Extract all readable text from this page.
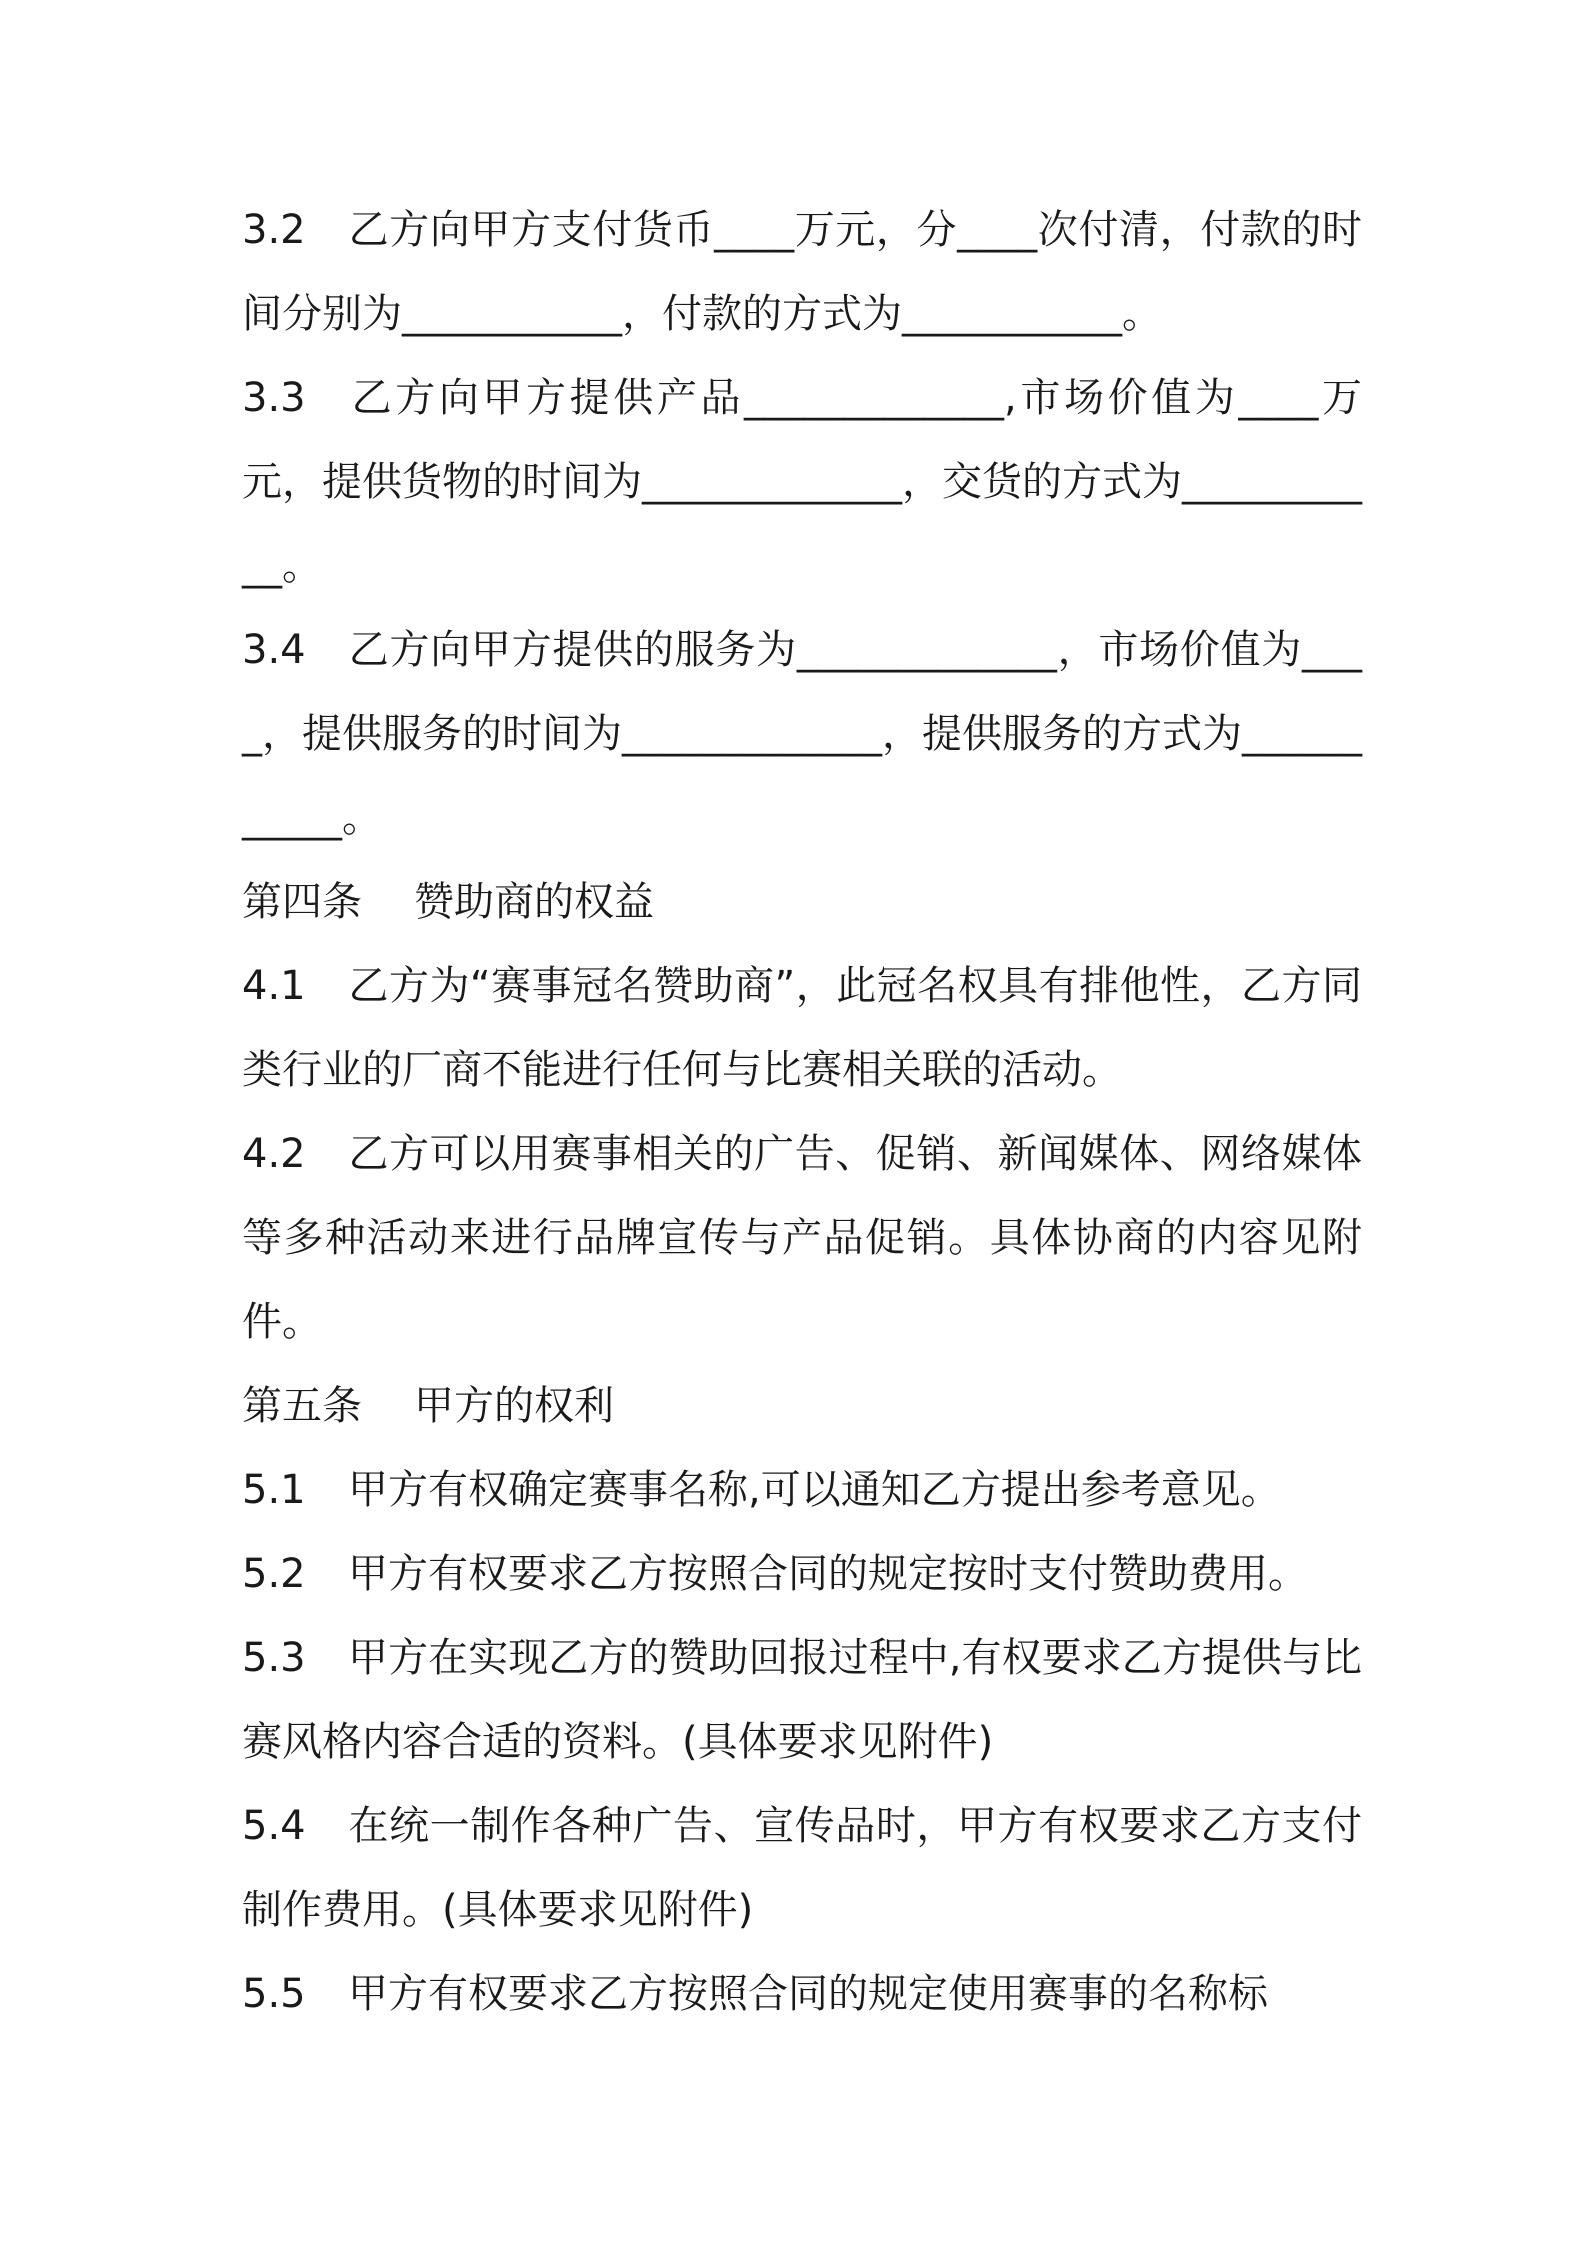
3.2 乙方向甲方支付货币____万元，分____次付清，付款的时间分别为___________，付款的方式为___________。

3.3 乙方向甲方提供产品_____________,市场价值为____万元，提供货物的时间为_____________，交货的方式为___________。

3.4 乙方向甲方提供的服务为_____________，市场价值为____，提供服务的时间为_____________，提供服务的方式为___________。

第四条 赞助商的权益

4.1 乙方为“赛事冠名赞助商”，此冠名权具有排他性，乙方同类行业的厂商不能进行任何与比赛相关联的活动。

4.2 乙方可以用赛事相关的广告、促销、新闻媒体、网络媒体等多种活动来进行品牌宣传与产品促销。具体协商的内容见附件。

第五条 甲方的权利

5.1 甲方有权确定赛事名称,可以通知乙方提出参考意见。

5.2 甲方有权要求乙方按照合同的规定按时支付赞助费用。

5.3 甲方在实现乙方的赞助回报过程中,有权要求乙方提供与比赛风格内容合适的资料。(具体要求见附件)

5.4 在统一制作各种广告、宣传品时，甲方有权要求乙方支付制作费用。(具体要求见附件)

5.5 甲方有权要求乙方按照合同的规定使用赛事的名称标
